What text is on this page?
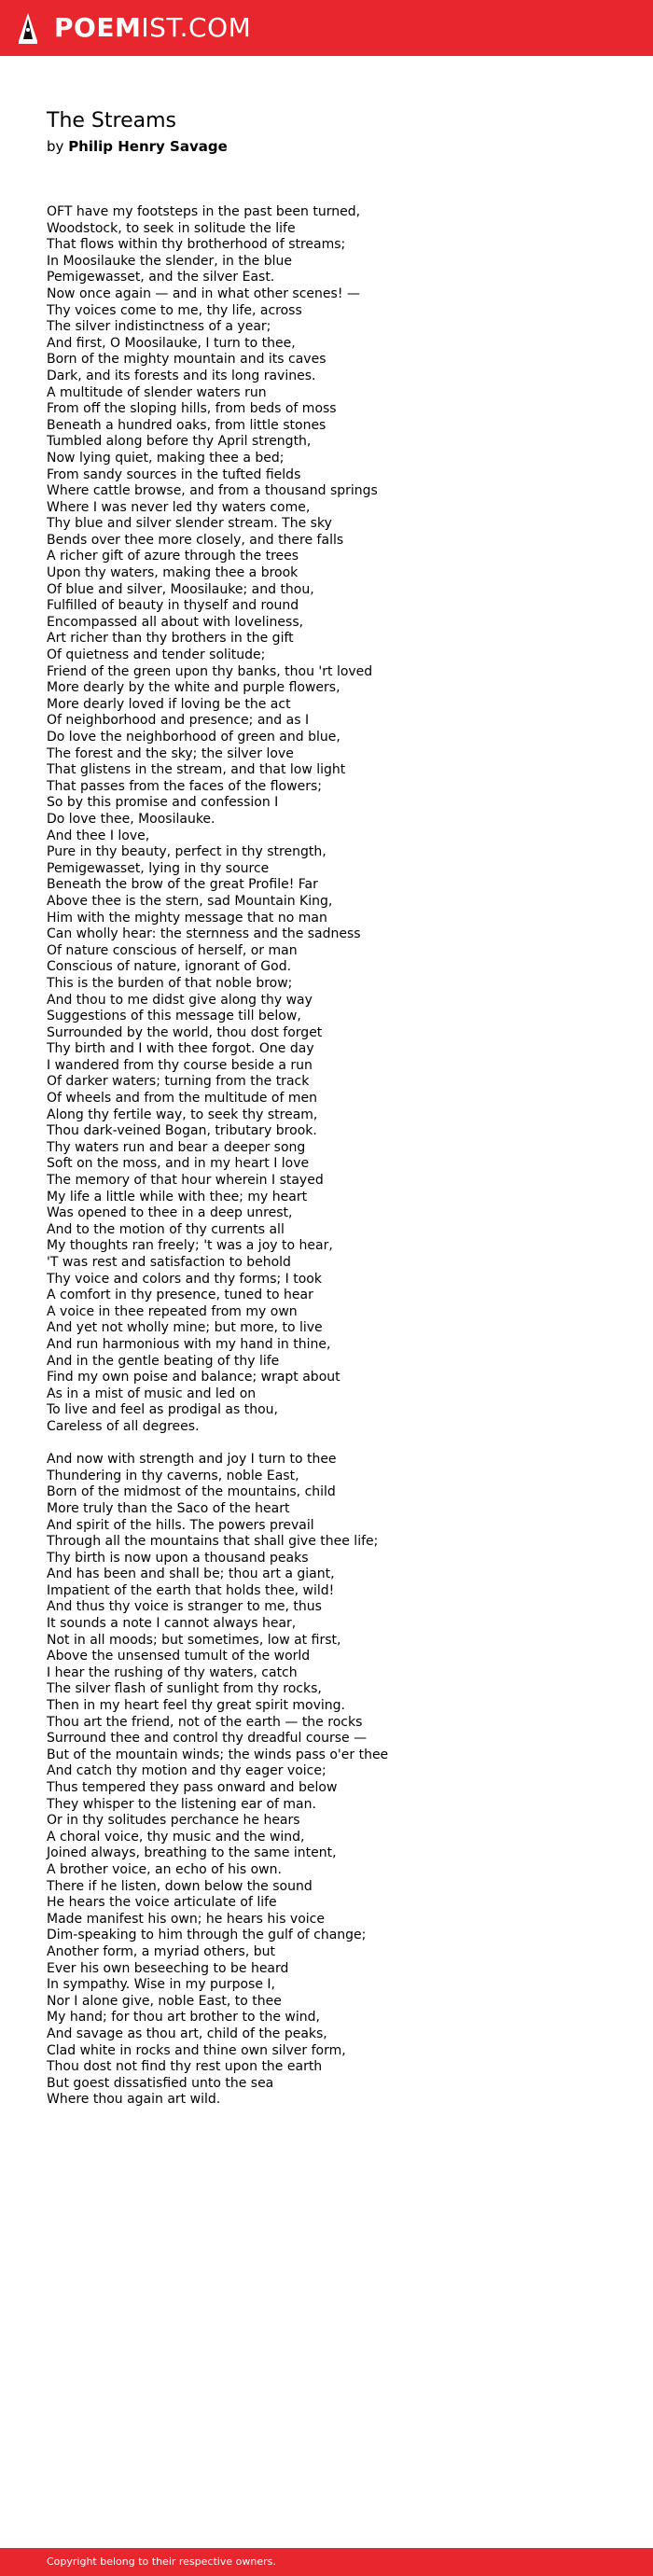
POEMIST.COM
The Streams
by Philip Henry Savage
OFT have my footsteps in the past been turned,
Woodstock, to seek in solitude the life
That flows within thy brotherhood of streams;
In Moosilauke the slender, in the blue
Pemigewasset, and the silver East.
Now once again — and in what other scenes! —
Thy voices come to me, thy life, across
The silver indistinctness of a year;
And first, O Moosilauke, I turn to thee,
Born of the mighty mountain and its caves
Dark, and its forests and its long ravines.
A multitude of slender waters run
From off the sloping hills, from beds of moss
Beneath a hundred oaks, from little stones
Tumbled along before thy April strength,
Now lying quiet, making thee a bed;
From sandy sources in the tufted fields
Where cattle browse, and from a thousand springs
Where I was never led thy waters come,
Thy blue and silver slender stream. The sky
Bends over thee more closely, and there falls
A richer gift of azure through the trees
Upon thy waters, making thee a brook
Of blue and silver, Moosilauke; and thou,
Fulfilled of beauty in thyself and round
Encompassed all about with loveliness,
Art richer than thy brothers in the gift
Of quietness and tender solitude;
Friend of the green upon thy banks, thou 'rt loved
More dearly by the white and purple flowers,
More dearly loved if loving be the act
Of neighborhood and presence; and as I
Do love the neighborhood of green and blue,
The forest and the sky; the silver love
That glistens in the stream, and that low light
That passes from the faces of the flowers;
So by this promise and confession I
Do love thee, Moosilauke.
And thee I love,
Pure in thy beauty, perfect in thy strength,
Pemigewasset, lying in thy source
Beneath the brow of the great Profile! Far
Above thee is the stern, sad Mountain King,
Him with the mighty message that no man
Can wholly hear: the sternness and the sadness
Of nature conscious of herself, or man
Conscious of nature, ignorant of God.
This is the burden of that noble brow;
And thou to me didst give along thy way
Suggestions of this message till below,
Surrounded by the world, thou dost forget
Thy birth and I with thee forgot. One day
I wandered from thy course beside a run
Of darker waters; turning from the track
Of wheels and from the multitude of men
Along thy fertile way, to seek thy stream,
Thou dark-veined Bogan, tributary brook.
Thy waters run and bear a deeper song
Soft on the moss, and in my heart I love
The memory of that hour wherein I stayed
My life a little while with thee; my heart
Was opened to thee in a deep unrest,
And to the motion of thy currents all
My thoughts ran freely; 't was a joy to hear,
'T was rest and satisfaction to behold
Thy voice and colors and thy forms; I took
A comfort in thy presence, tuned to hear
A voice in thee repeated from my own
And yet not wholly mine; but more, to live
And run harmonious with my hand in thine,
And in the gentle beating of thy life
Find my own poise and balance; wrapt about
As in a mist of music and led on
To live and feel as prodigal as thou,
Careless of all degrees.
And now with strength and joy I turn to thee
Thundering in thy caverns, noble East,
Born of the midmost of the mountains, child
More truly than the Saco of the heart
And spirit of the hills. The powers prevail
Through all the mountains that shall give thee life;
Thy birth is now upon a thousand peaks
And has been and shall be; thou art a giant,
Impatient of the earth that holds thee, wild!
And thus thy voice is stranger to me, thus
It sounds a note I cannot always hear,
Not in all moods; but sometimes, low at first,
Above the unsensed tumult of the world
I hear the rushing of thy waters, catch
The silver flash of sunlight from thy rocks,
Then in my heart feel thy great spirit moving.
Thou art the friend, not of the earth — the rocks
Surround thee and control thy dreadful course —
But of the mountain winds; the winds pass o'er thee
And catch thy motion and thy eager voice;
Thus tempered they pass onward and below
They whisper to the listening ear of man.
Or in thy solitudes perchance he hears
A choral voice, thy music and the wind,
Joined always, breathing to the same intent,
A brother voice, an echo of his own.
There if he listen, down below the sound
He hears the voice articulate of life
Made manifest his own; he hears his voice
Dim-speaking to him through the gulf of change;
Another form, a myriad others, but
Ever his own beseeching to be heard
In sympathy. Wise in my purpose I,
Nor I alone give, noble East, to thee
My hand; for thou art brother to the wind,
And savage as thou art, child of the peaks,
Clad white in rocks and thine own silver form,
Thou dost not find thy rest upon the earth
But goest dissatisfied unto the sea
Where thou again art wild.
Copyright belong to their respective owners.
